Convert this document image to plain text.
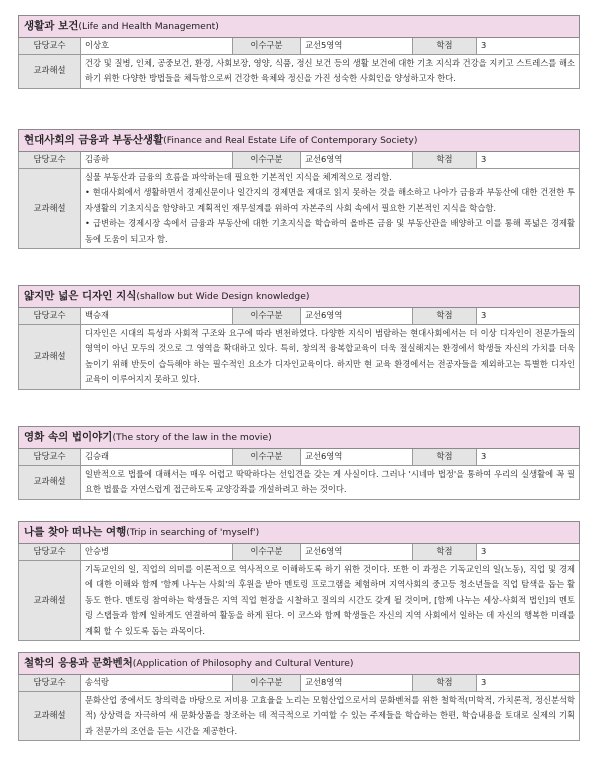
생활과 보건(Life and Health Management)					
담당교수	이상호	이수구분	교선5영역	학점	3
교과해설	건강 및 질병, 인체, 공중보건, 환경, 사회보장, 영양, 식품, 정신 보건 등의 생활 보건에 대한 기초 지식과 건강을 지키고 스트레스를 해소하기 위한 다양한 방법들을 체득함으로써 건강한 육체와 정신을 가진 성숙한 사회인을 양성하고자 한다.				
현대사회의 금융과 부동산생활(Finance and Real Estate Life of Contemporary Society)					
담당교수	김종하	이수구분	교선6영역	학점	3
교과해설	실물 부동산과 금융의 흐름을 파악하는데 필요한 기본적인 지식을 체계적으로 정리함.
• 현대사회에서 생활하면서 경제신문이나 일간지의 경제면을 제대로 읽지 못하는 것을 해소하고 나아가 금융과 부동산에 대한 건전한 투자생활의 기초지식을 함양하고 계획적인 재무설계를 위하여 자본주의 사회 속에서 필요한 기본적인 지식을 학습함.
• 급변하는 경제시장 속에서 금융과 부동산에 대한 기초지식을 학습하여 올바른 금융 및 부동산관을 배양하고 이를 통해 폭넓은 경제활동에 도움이 되고자 함.				
얇지만 넓은 디자인 지식(shallow but Wide Design knowledge)					
담당교수	백승재	이수구분	교선6영역	학점	3
교과해설	디자인은 시대의 특성과 사회적 구조와 요구에 따라 변천하였다. 다양한 지식이 범람하는 현대사회에서는 더 이상 디자인이 전문가들의 영역이 아닌 모두의 것으로 그 영역을 확대하고 있다. 특히, 창의적 융복합교육이 더욱 절실해지는 환경에서 학생들 자신의 가치를 더욱 높이기 위해 반듯이 습득해야 하는 필수적인 요소가 디자인교육이다. 하지만 현 교육 환경에서는 전공자들을 제외하고는 특별한 디자인교육이 이루어지지 못하고 있다.				
영화 속의 법이야기(The story of the law in the movie)					
담당교수	김승래	이수구분	교선6영역	학점	3
교과해설	일반적으로 법률에 대해서는 매우 어렵고 딱딱하다는 선입견을 갖는 게 사실이다. 그러나 '시네마 법정'을 통하여 우리의 실생활에 꼭 필요한 법률을 자연스럽게 접근하도록 교양강좌를 개설하려고 하는 것이다.				
나를 찾아 떠나는 여행(Trip in searching of 'myself')					
담당교수	안승병	이수구분	교선6영역	학점	3
교과해설	기독교인의 일, 직업의 의미를 이론적으로 역사적으로 이해하도록 하기 위한 것이다. 또한 이 과정은 기독교인의 일(노동), 직업 및 경제에 대한 이해와 함께 '함께 나누는 사회'의 후원을 받아 멘토링 프로그램을 체험하며 지역사회의 중고등 청소년들을 직업 탐색을 돕는 활동도 한다. 멘토링 참여하는 학생들은 지역 직업 현장을 시찰하고 질의의 시간도 갖게 될 것이며, [함께 나누는 세상-사회적 법인]의 멘토링 스탭들과 함께 일하게도 연결하여 활동을 하게 된다. 이 코스와 함께 학생들은 자신의 지역 사회에서 일하는 데 자신의 행복한 미래를 계획 할 수 있도록 돕는 과목이다.				
철학의 응용과 문화벤처(Application of Philosophy and Cultural Venture)					
담당교수	송석랑	이수구분	교선8영역	학점	3
교과해설	문화산업 중에서도 창의력을 바탕으로 저비용 고효율을 노리는 모험산업으로서의 문화벤처를 위한 철학적(미학적, 가치론적, 정신분석학적) 상상력을 자극하여 새 문화상품을 창조하는 데 적극적으로 기여할 수 있는 주제들을 학습하는 한편, 학습내용을 토대로 실제의 기획과 전문가의 조언을 듣는 시간을 제공한다.				
